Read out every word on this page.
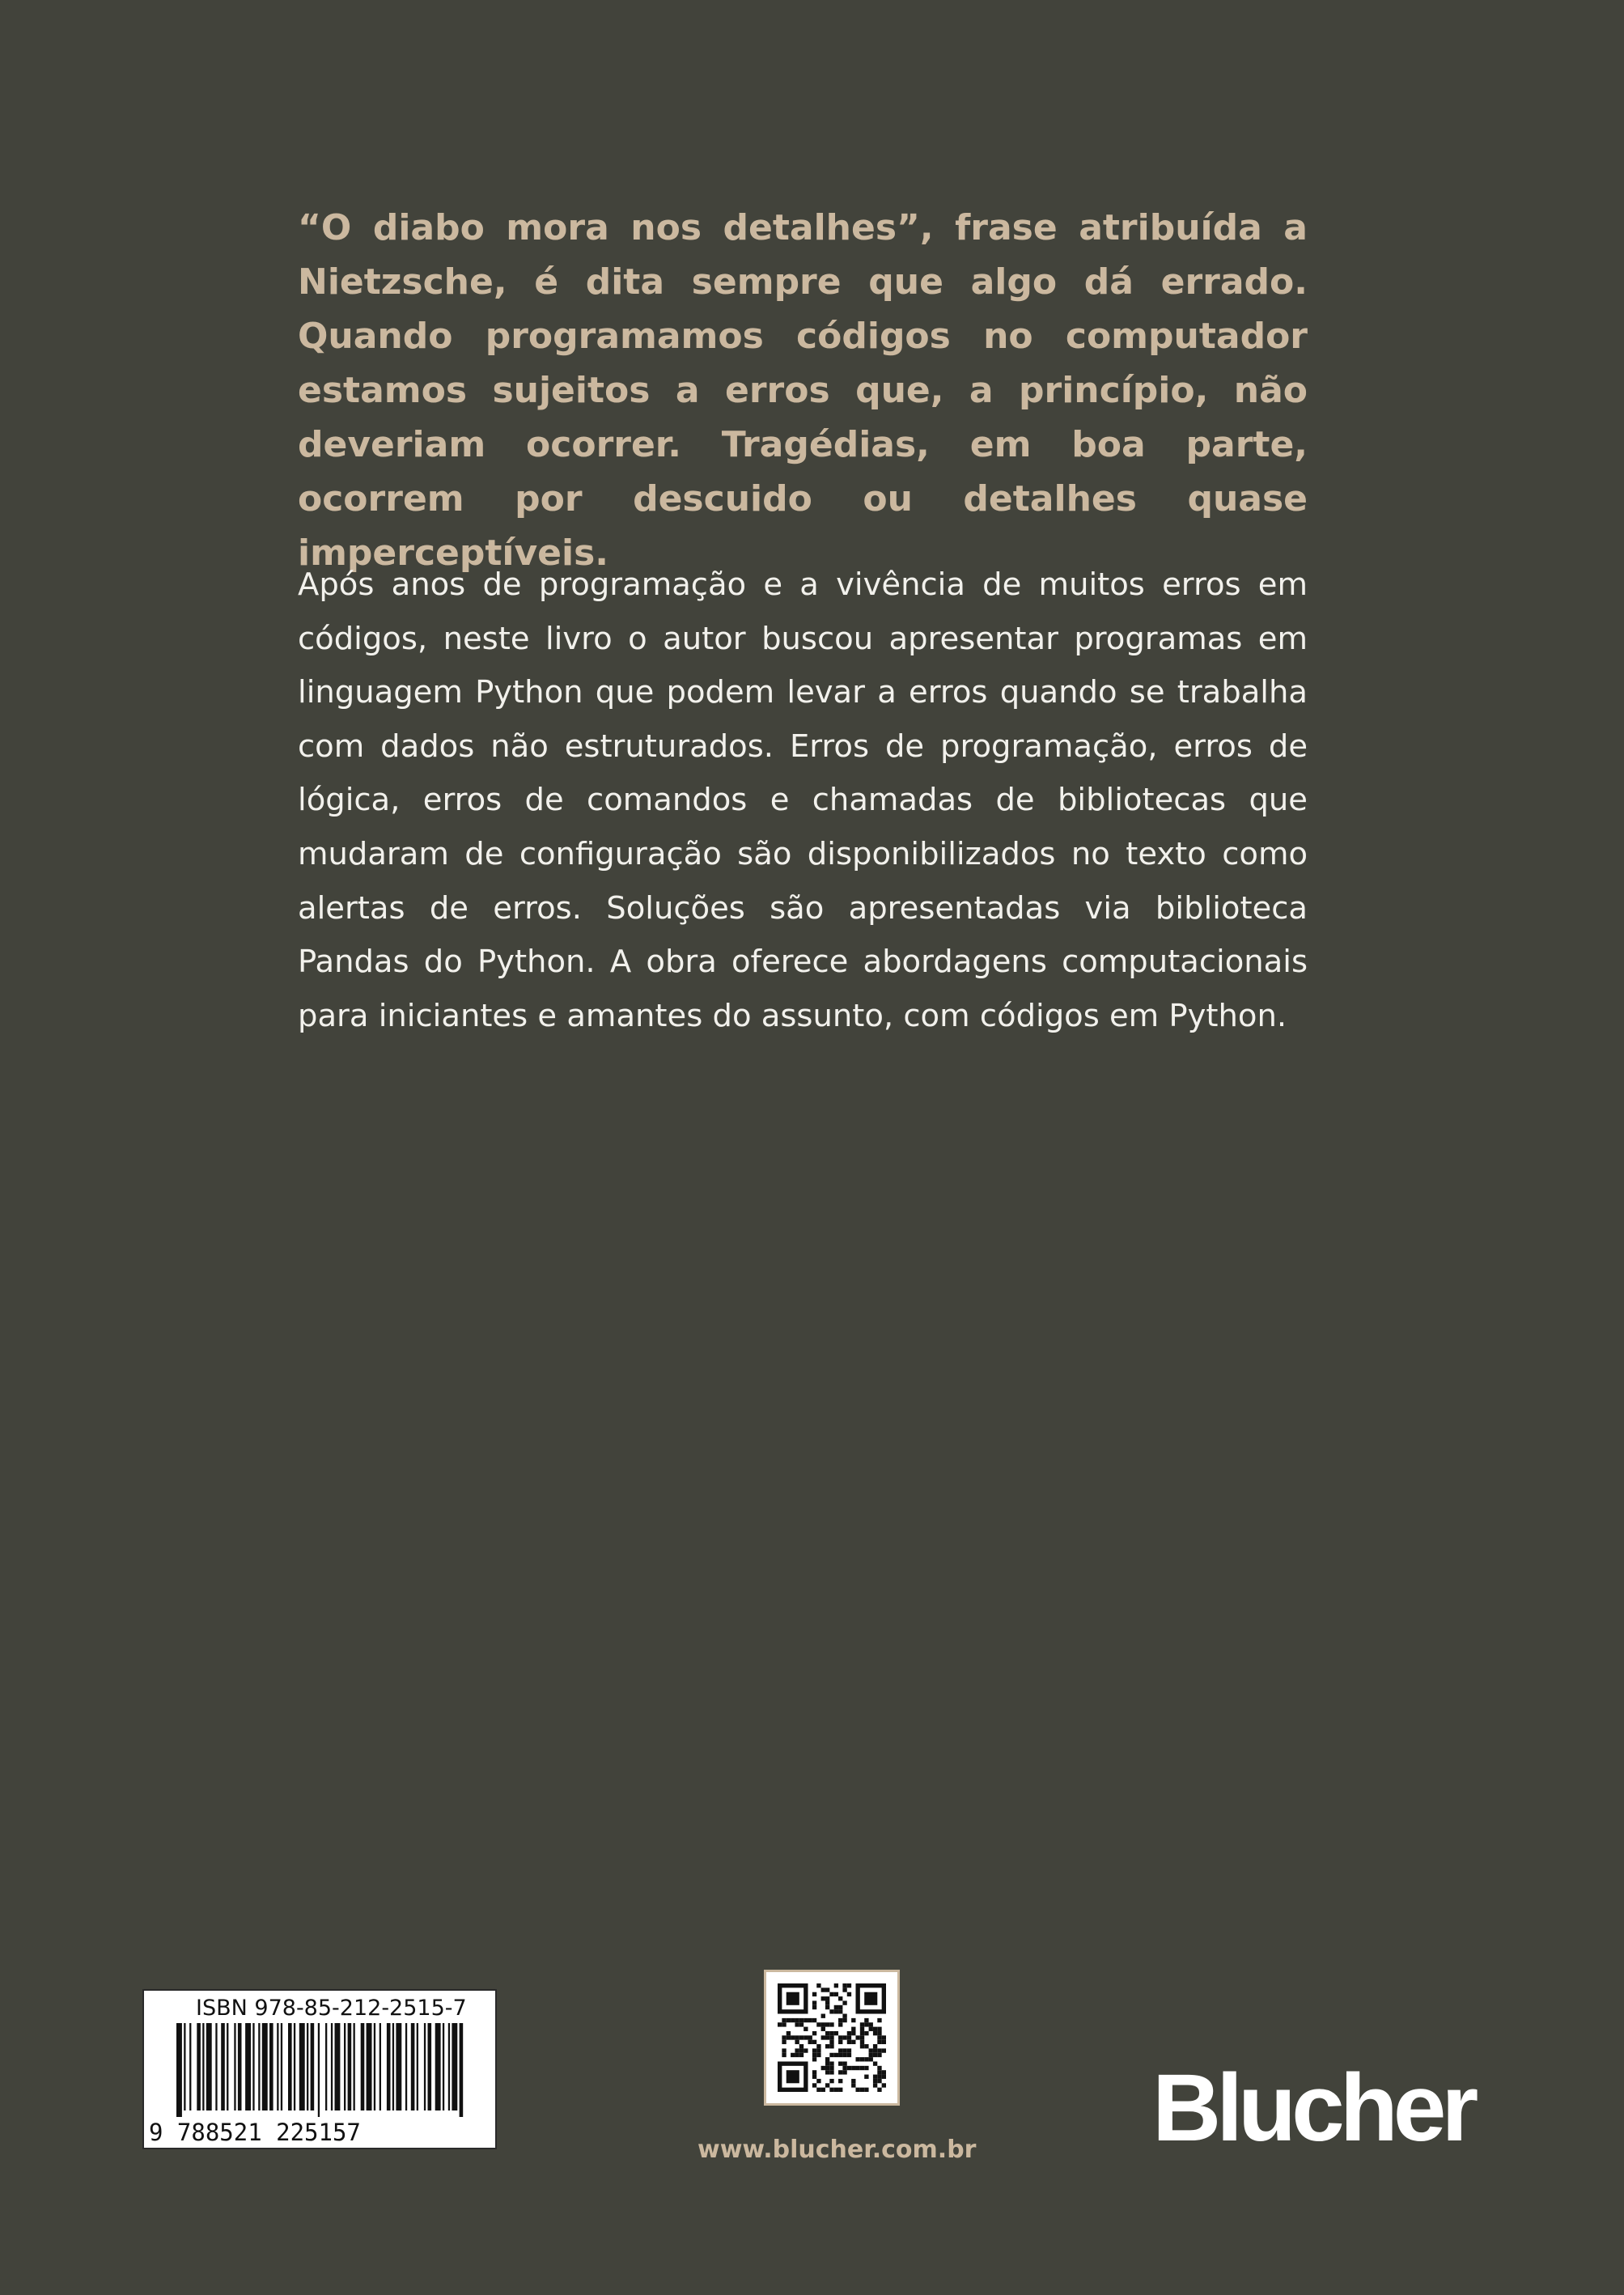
“O diabo mora nos detalhes”, frase atribuída a Nietzsche, é dita sempre que algo dá errado. Quando programamos códigos no computador estamos sujeitos a erros que, a princípio, não deveriam ocorrer. Tragédias, em boa parte, ocorrem por descuido ou detalhes quase imperceptíveis.

Após anos de programação e a vivência de muitos erros em códigos, neste livro o autor buscou apresentar programas em linguagem Python que podem levar a erros quando se trabalha com dados não estruturados. Erros de programação, erros de lógica, erros de comandos e chamadas de bibliotecas que mudaram de configuração são disponibilizados no texto como alertas de erros. Soluções são apresentadas via biblioteca Pandas do Python. A obra oferece abordagens computacionais para iniciantes e amantes do assunto, com códigos em Python.

ISBN 978-85-212-2515-7
9 788521 225157
www.blucher.com.br Blucher
